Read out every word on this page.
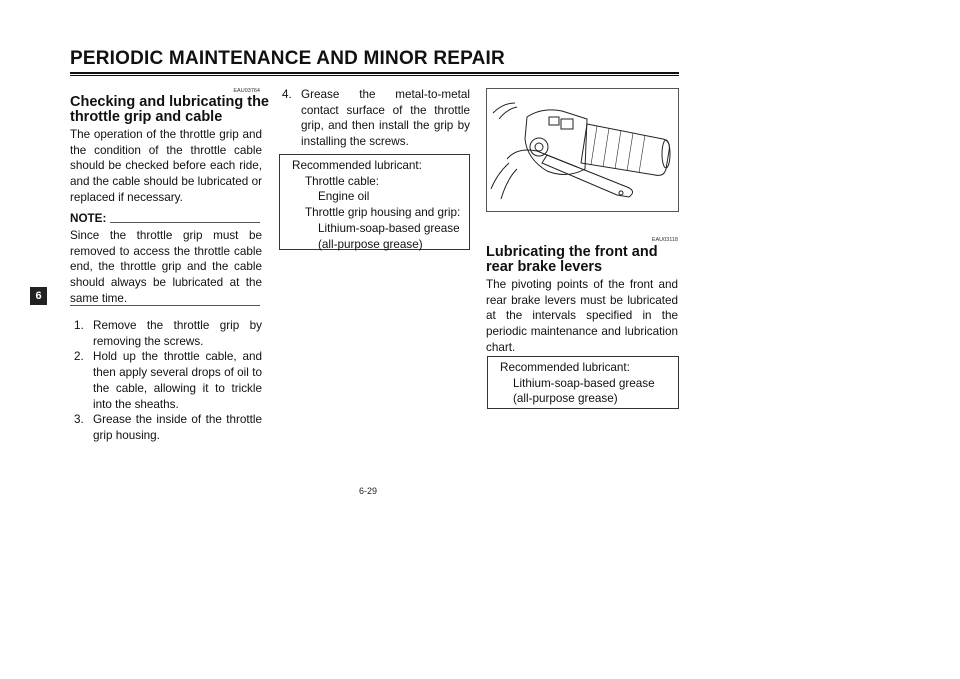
PERIODIC MAINTENANCE AND MINOR REPAIR
6
EAU03764
Checking and lubricating the
throttle grip and cable
The operation of the throttle grip and the condition of the throttle cable should be checked before each ride, and the cable should be lubricated or replaced if necessary.
NOTE:
Since the throttle grip must be removed to access the throttle cable end, the throttle grip and the cable should always be lubricated at the same time.
1. Remove the throttle grip by removing the screws.
2. Hold up the throttle cable, and then apply several drops of oil to the cable, allowing it to trickle into the sheaths.
3. Grease the inside of the throttle grip housing.
4. Grease the metal-to-metal contact surface of the throttle grip, and then install the grip by installing the screws.
Recommended lubricant:
Throttle cable:
Engine oil
Throttle grip housing and grip:
Lithium-soap-based grease
(all-purpose grease)	EAU03118
Lubricating the front and
rear brake levers
The pivoting points of the front and rear brake levers must be lubricated at the intervals specified in the periodic maintenance and lubrication chart.
Recommended lubricant:
Lithium-soap-based grease
(all-purpose grease)
6-29
